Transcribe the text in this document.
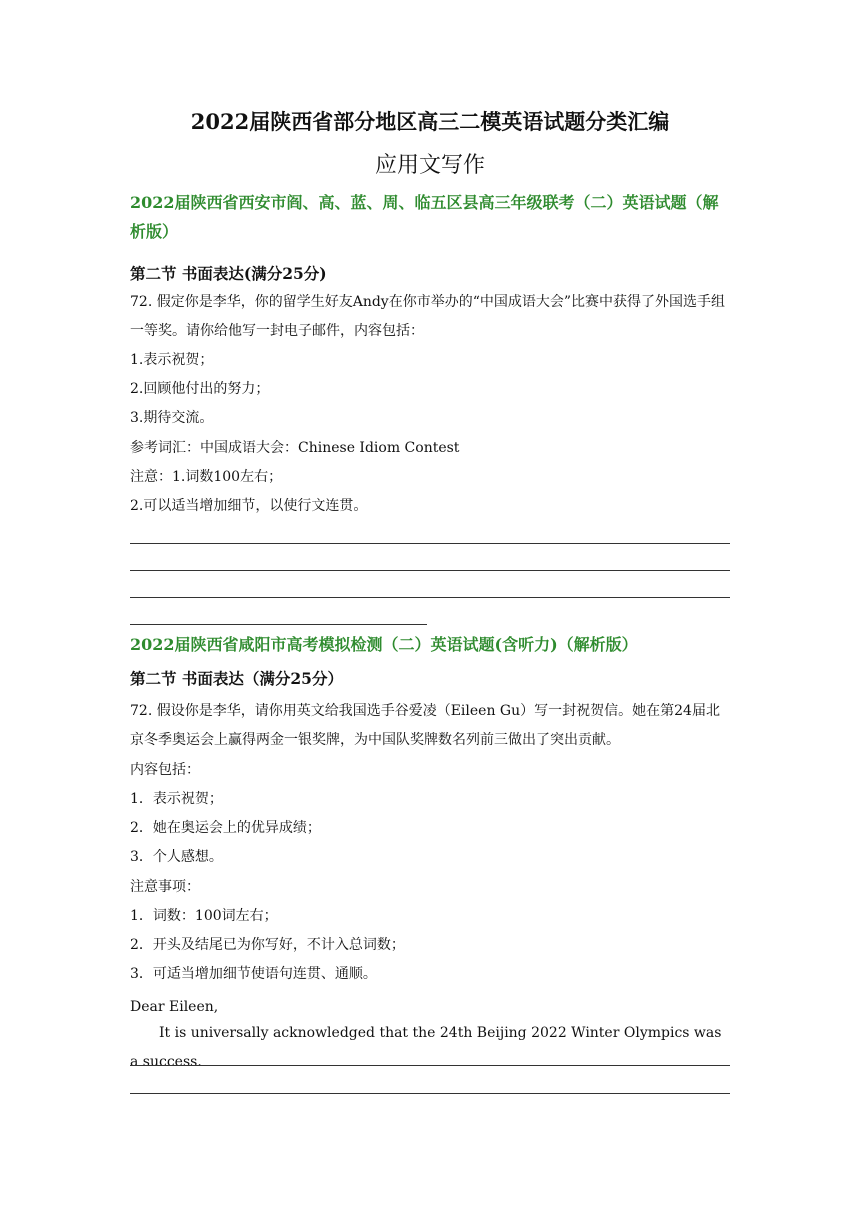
2022届陕西省部分地区高三二模英语试题分类汇编
应用文写作
2022届陕西省西安市阎、高、蓝、周、临五区县高三年级联考（二）英语试题（解析版）
第二节 书面表达(满分25分)
72. 假定你是李华，你的留学生好友Andy在你市举办的“中国成语大会”比赛中获得了外国选手组一等奖。请你给他写一封电子邮件，内容包括：
1.表示祝贺；
2.回顾他付出的努力；
3.期待交流。
参考词汇：中国成语大会：Chinese Idiom Contest
注意：1.词数100左右；
2.可以适当增加细节，以使行文连贯。
2022届陕西省咸阳市高考模拟检测（二）英语试题(含听力)（解析版）
第二节 书面表达（满分25分）
72. 假设你是李华，请你用英文给我国选手谷爱凌（Eileen Gu）写一封祝贺信。她在第24届北京冬季奥运会上赢得两金一银奖牌，为中国队奖牌数名列前三做出了突出贡献。
内容包括：
1．表示祝贺；
2．她在奥运会上的优异成绩；
3．个人感想。
注意事项：
1．词数：100词左右；
2．开头及结尾已为你写好，不计入总词数；
3．可适当增加细节使语句连贯、通顺。
Dear Eileen,
It is universally acknowledged that the 24th Beijing 2022 Winter Olympics was a success.
